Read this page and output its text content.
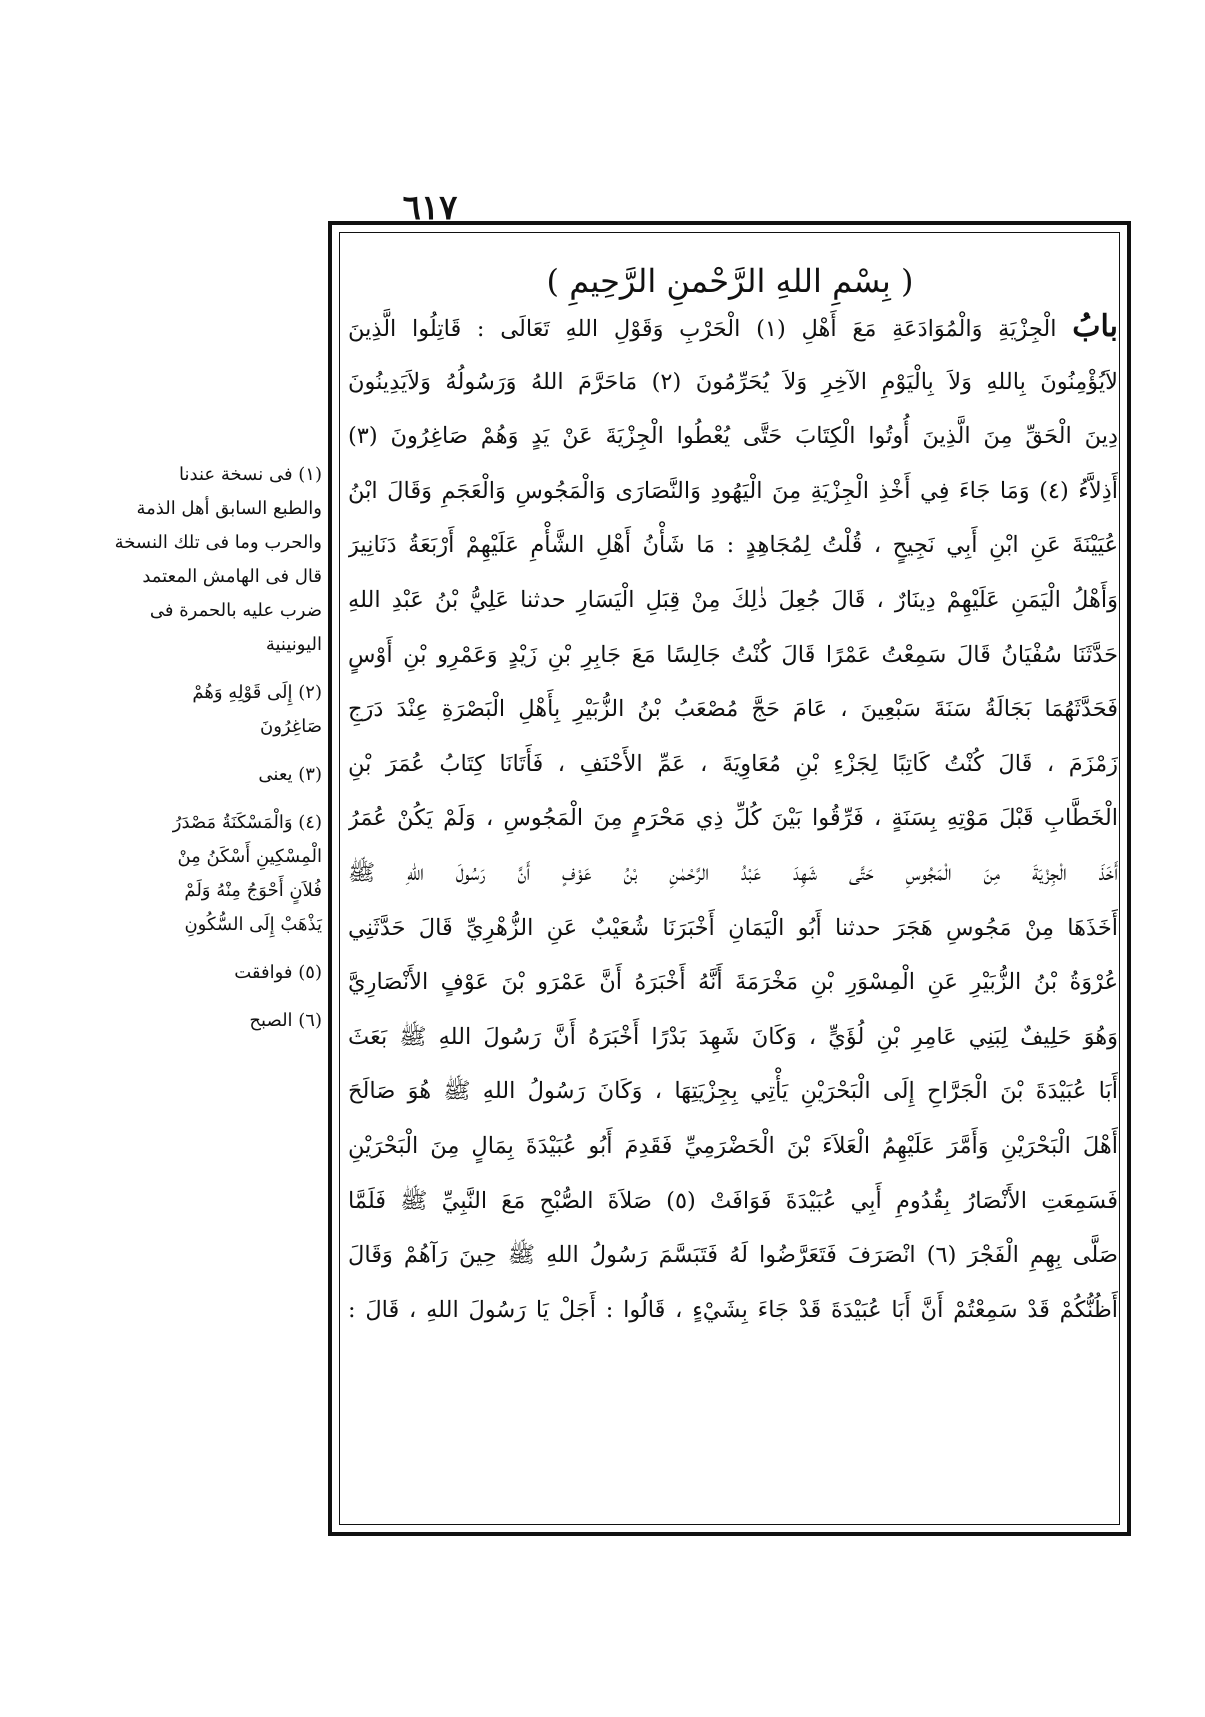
٦١٧
( بِسْمِ اللهِ الرَّحْمنِ الرَّحِيمِ )
بابُ الْجِزْيَةِ وَالْمُوَادَعَةِ مَعَ أَهْلِ (١) الْحَرْبِ وَقَوْلِ اللهِ تَعَالَى : قَاتِلُوا الَّذِينَ
لاَيُؤْمِنُونَ بِاللهِ وَلاَ بِالْيَوْمِ الآخِرِ وَلاَ يُحَرِّمُونَ (٢) مَاحَرَّمَ اللهُ وَرَسُولُهُ وَلاَيَدِينُونَ
دِينَ الْحَقِّ مِنَ الَّذِينَ أُوتُوا الْكِتَابَ حَتَّى يُعْطُوا الْجِزْيَةَ عَنْ يَدٍ وَهُمْ صَاغِرُونَ (٣)
أَذِلاَّءُ (٤) وَمَا جَاءَ فِي أَخْذِ الْجِزْيَةِ مِنَ الْيَهُودِ وَالنَّصَارَى وَالْمَجُوسِ وَالْعَجَمِ وَقَالَ ابْنُ
عُيَيْنَةَ عَنِ ابْنِ أَبِي نَجِيحٍ ، قُلْتُ لِمُجَاهِدٍ : مَا شَأْنُ أَهْلِ الشَّأْمِ عَلَيْهِمْ أَرْبَعَةُ دَنَانِيرَ
وَأَهْلُ الْيَمَنِ عَلَيْهِمْ دِينَارٌ ، قَالَ جُعِلَ ذٰلِكَ مِنْ قِبَلِ الْيَسَارِ حدثنا عَلِيُّ بْنُ عَبْدِ اللهِ
حَدَّثَنَا سُفْيَانُ قَالَ سَمِعْتُ عَمْرًا قَالَ كُنْتُ جَالِسًا مَعَ جَابِرِ بْنِ زَيْدٍ وَعَمْرِو بْنِ أَوْسٍ
فَحَدَّثَهُمَا بَجَالَةُ سَنَةَ سَبْعِينَ ، عَامَ حَجَّ مُصْعَبُ بْنُ الزُّبَيْرِ بِأَهْلِ الْبَصْرَةِ عِنْدَ دَرَجِ
زَمْزَمَ ، قَالَ كُنْتُ كَاتِبًا لِجَزْءِ بْنِ مُعَاوِيَةَ ، عَمِّ الأَحْنَفِ ، فَأَتَانَا كِتَابُ عُمَرَ بْنِ
الْخَطَّابِ قَبْلَ مَوْتِهِ بِسَنَةٍ ، فَرِّقُوا بَيْنَ كُلِّ ذِي مَحْرَمٍ مِنَ الْمَجُوسِ ، وَلَمْ يَكُنْ عُمَرُ
أَخَذَ الْجِزْيَةَ مِنَ الْمَجُوسِ حَتَّى شَهِدَ عَبْدُ الرَّحْمٰنِ بْنُ عَوْفٍ أَنَّ رَسُولَ اللهِ ﷺ
أَخَذَهَا مِنْ مَجُوسِ هَجَرَ حدثنا أَبُو الْيَمَانِ أَخْبَرَنَا شُعَيْبٌ عَنِ الزُّهْرِيِّ قَالَ حَدَّثَنِي
عُرْوَةُ بْنُ الزُّبَيْرِ عَنِ الْمِسْوَرِ بْنِ مَخْرَمَةَ أَنَّهُ أَخْبَرَهُ أَنَّ عَمْرَو بْنَ عَوْفٍ الأَنْصَارِيَّ
وَهُوَ حَلِيفٌ لِبَنِي عَامِرِ بْنِ لُؤَيٍّ ، وَكَانَ شَهِدَ بَدْرًا أَخْبَرَهُ أَنَّ رَسُولَ اللهِ ﷺ بَعَثَ
أَبَا عُبَيْدَةَ بْنَ الْجَرَّاحِ إِلَى الْبَحْرَيْنِ يَأْتِي بِجِزْيَتِهَا ، وَكَانَ رَسُولُ اللهِ ﷺ هُوَ صَالَحَ
أَهْلَ الْبَحْرَيْنِ وَأَمَّرَ عَلَيْهِمُ الْعَلاَءَ بْنَ الْحَضْرَمِيِّ فَقَدِمَ أَبُو عُبَيْدَةَ بِمَالٍ مِنَ الْبَحْرَيْنِ
فَسَمِعَتِ الأَنْصَارُ بِقُدُومِ أَبِي عُبَيْدَةَ فَوَافَتْ (٥) صَلاَةَ الصُّبْحِ مَعَ النَّبِيِّ ﷺ فَلَمَّا
صَلَّى بِهِمِ الْفَجْرَ (٦) انْصَرَفَ فَتَعَرَّضُوا لَهُ فَتَبَسَّمَ رَسُولُ اللهِ ﷺ حِينَ رَآهُمْ وَقَالَ
أَظُنُّكُمْ قَدْ سَمِعْتُمْ أَنَّ أَبَا عُبَيْدَةَ قَدْ جَاءَ بِشَيْءٍ ، قَالُوا : أَجَلْ يَا رَسُولَ اللهِ ، قَالَ :
(١) فى نسخة عندنا
والطبع السابق أهل الذمة
والحرب وما فى تلك النسخة
قال فى الهامش المعتمد
ضرب عليه بالحمرة فى
اليونينية
(٢) إِلَى قَوْلِهِ وَهُمْ
صَاغِرُونَ
(٣) يعنى
(٤) وَالْمَسْكَنَةُ مَصْدَرُ
الْمِسْكِينِ أَسْكَنُ مِنْ
فُلاَنٍ أَحْوَجُ مِنْهُ وَلَمْ
يَذْهَبْ إِلَى السُّكُونِ
(٥) فوافقت
(٦) الصبح
